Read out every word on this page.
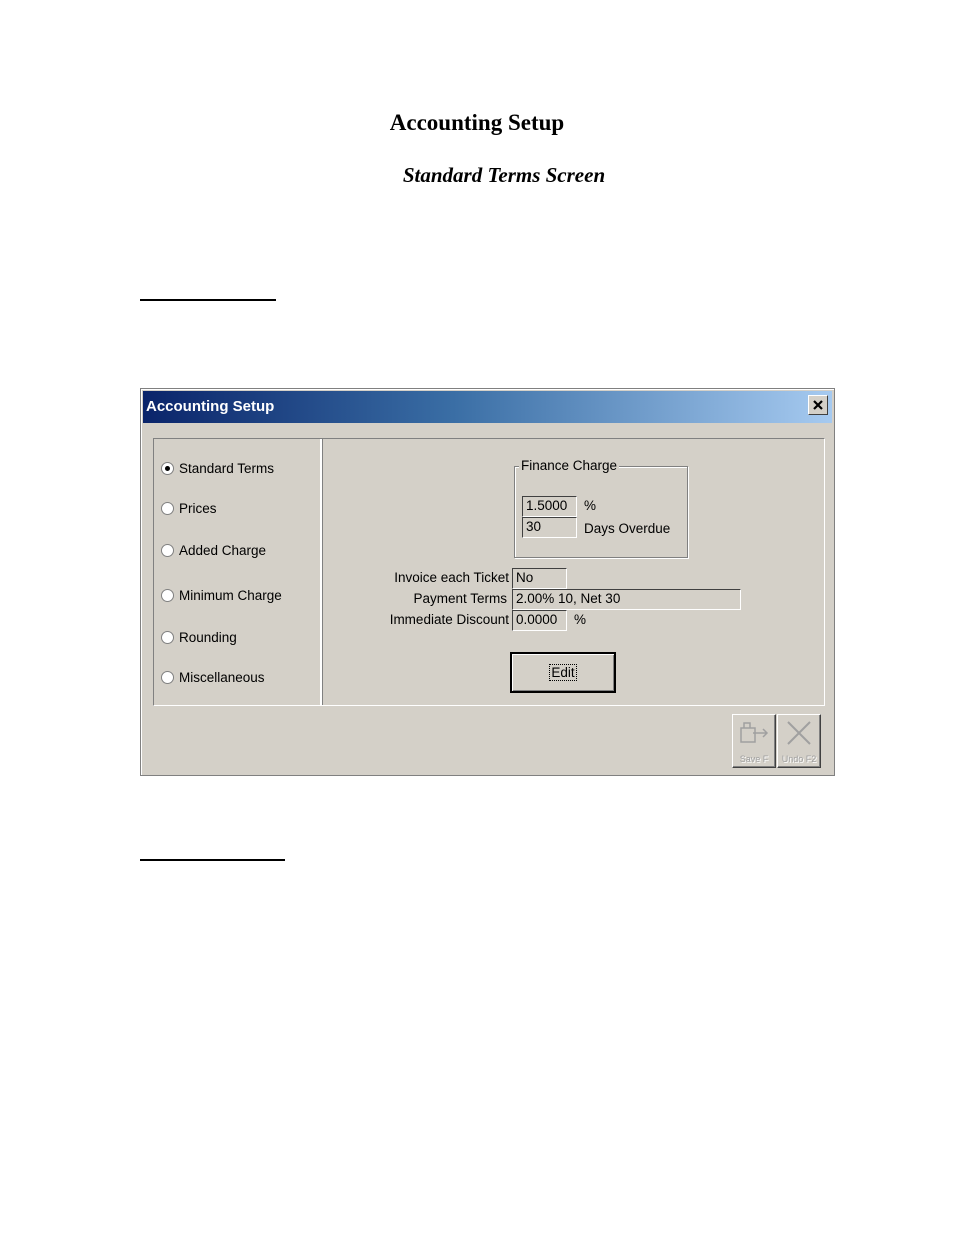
Accounting Setup
Standard Terms Screen
Accounting Setup
Standard Terms
Prices
Added Charge
Minimum Charge
Rounding
Miscellaneous
Finance Charge
1.5000	%
30	Days Overdue
Invoice each Ticket No
Payment Terms 2.00% 10, Net 30
Immediate Discount 0.0000	%
Edit
Save F	Undo F2
